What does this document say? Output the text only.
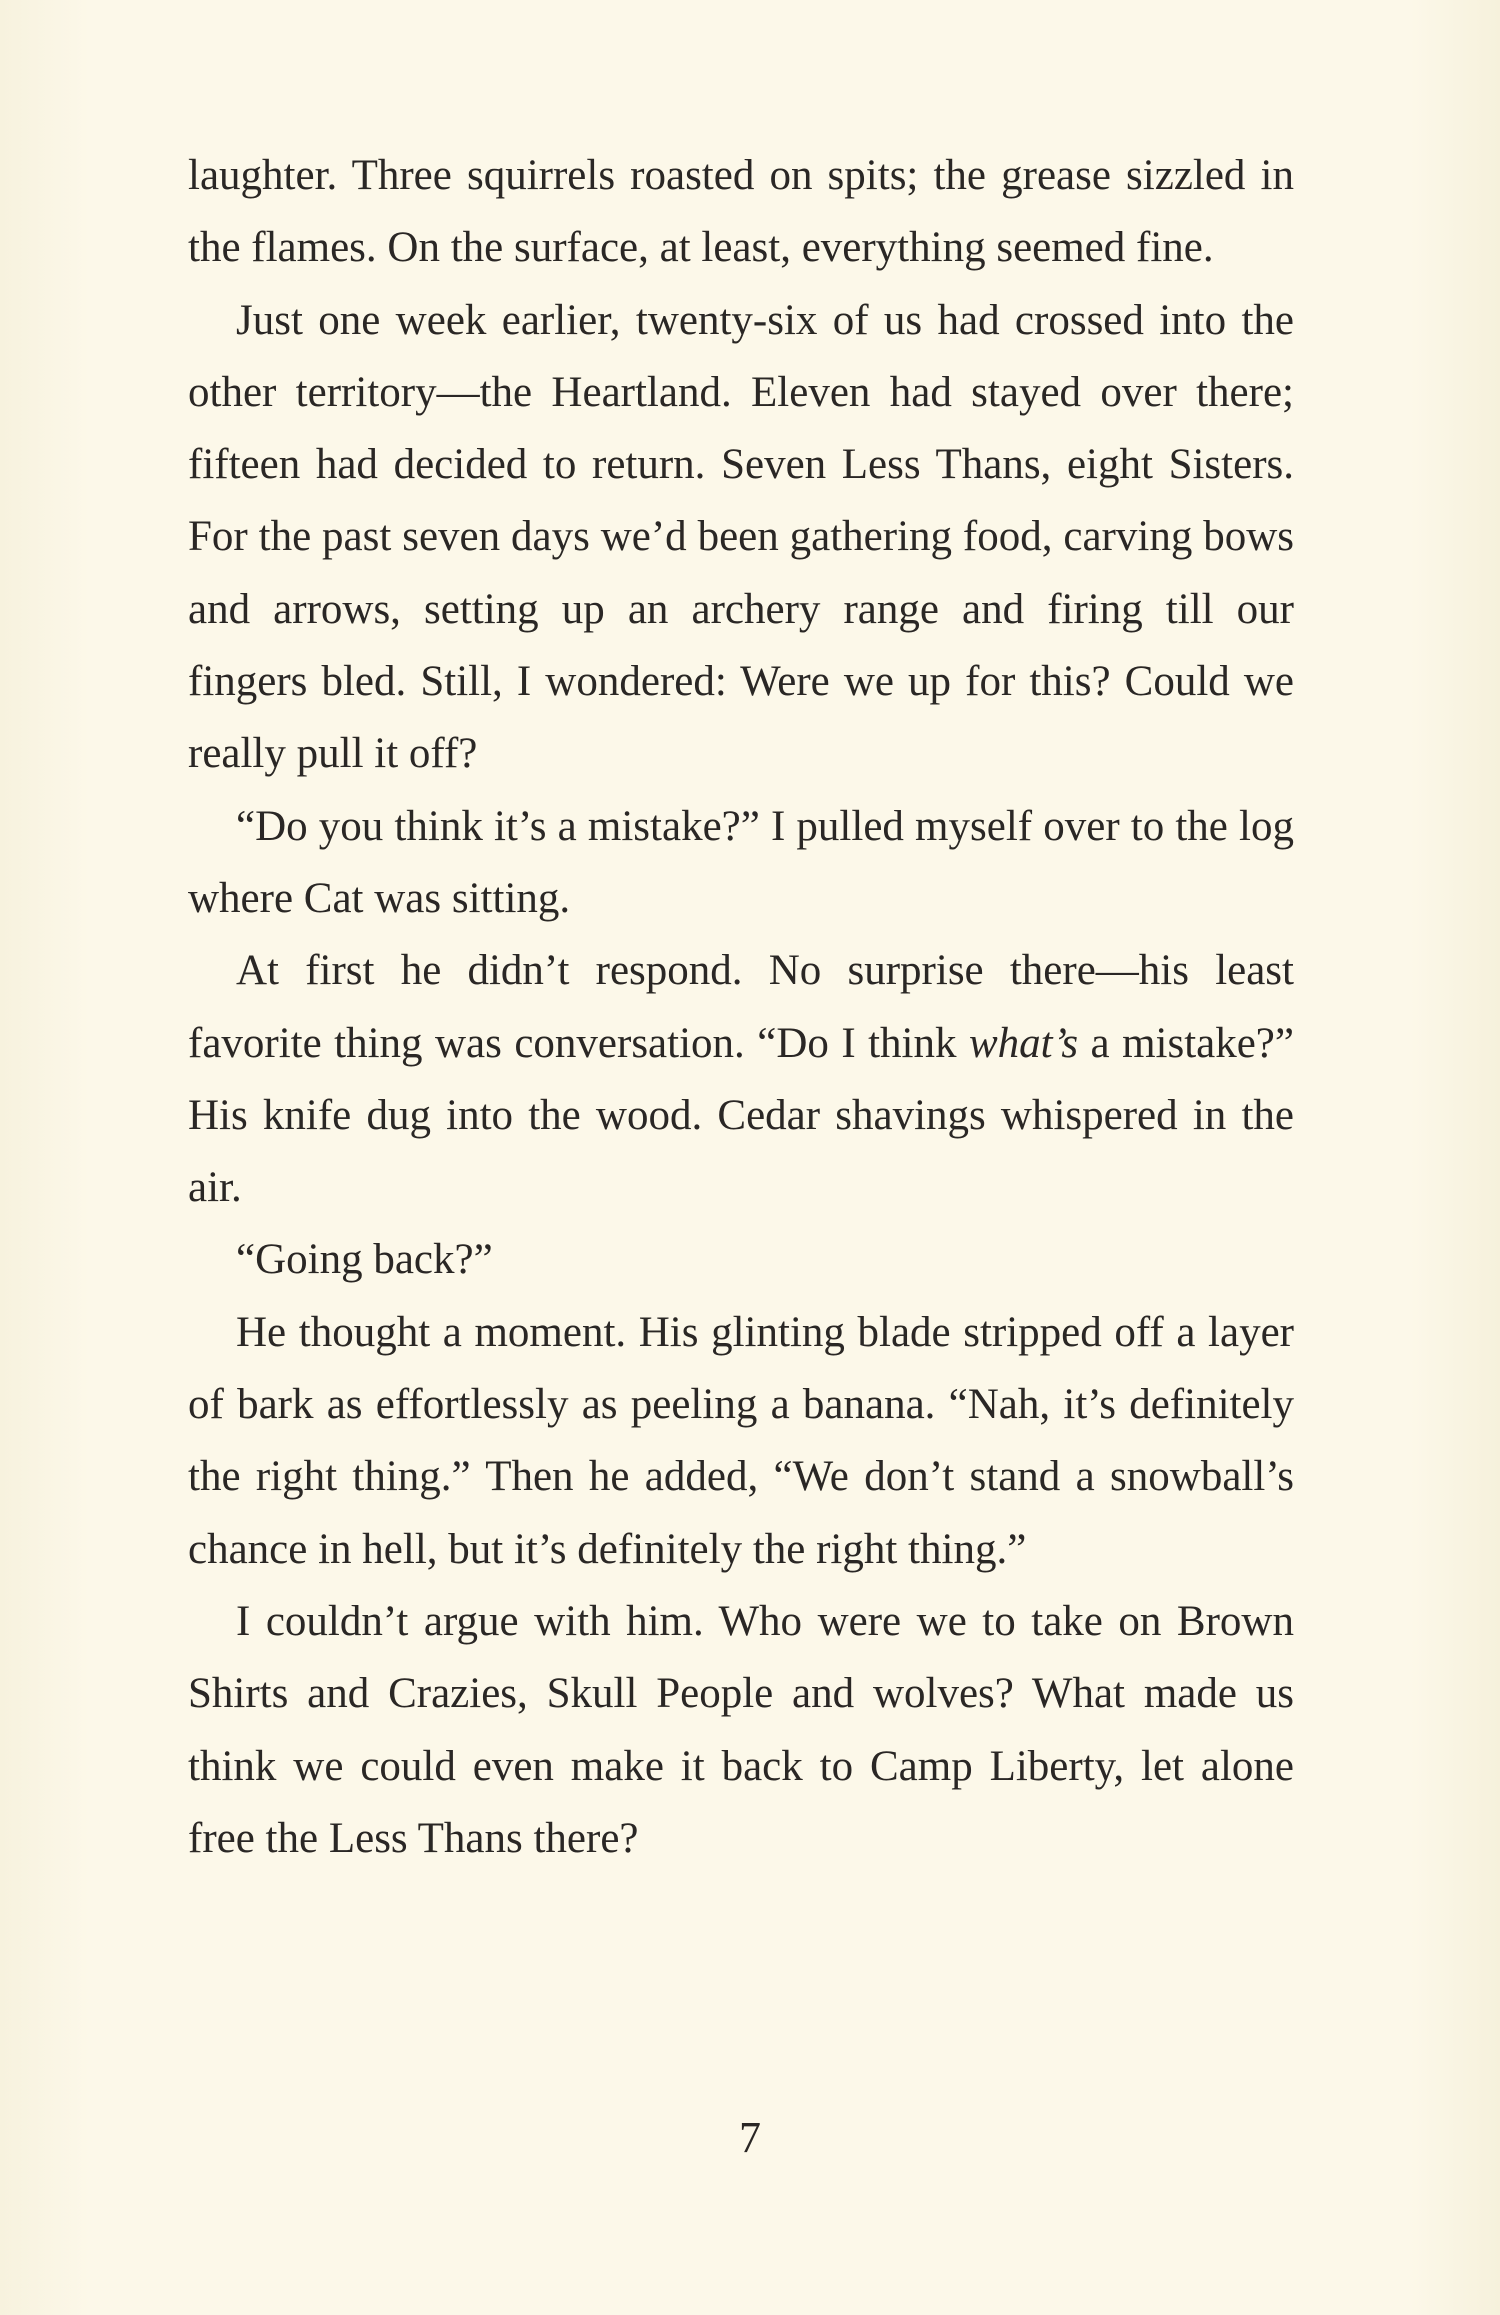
laughter. Three squirrels roasted on spits; the grease sizzled in the flames. On the surface, at least, everything seemed fine.

Just one week earlier, twenty-six of us had crossed into the other territory—the Heartland. Eleven had stayed over there; fifteen had decided to return. Seven Less Thans, eight Sisters. For the past seven days we’d been gathering food, carving bows and arrows, setting up an archery range and firing till our fingers bled. Still, I wondered: Were we up for this? Could we really pull it off?

“Do you think it’s a mistake?” I pulled myself over to the log where Cat was sitting.

At first he didn’t respond. No surprise there—his least favorite thing was conversation. “Do I think what’s a mistake?” His knife dug into the wood. Cedar shavings whispered in the air.

“Going back?”

He thought a moment. His glinting blade stripped off a layer of bark as effortlessly as peeling a banana. “Nah, it’s definitely the right thing.” Then he added, “We don’t stand a snowball’s chance in hell, but it’s definitely the right thing.”

I couldn’t argue with him. Who were we to take on Brown Shirts and Crazies, Skull People and wolves? What made us think we could even make it back to Camp Liberty, let alone free the Less Thans there?

7
